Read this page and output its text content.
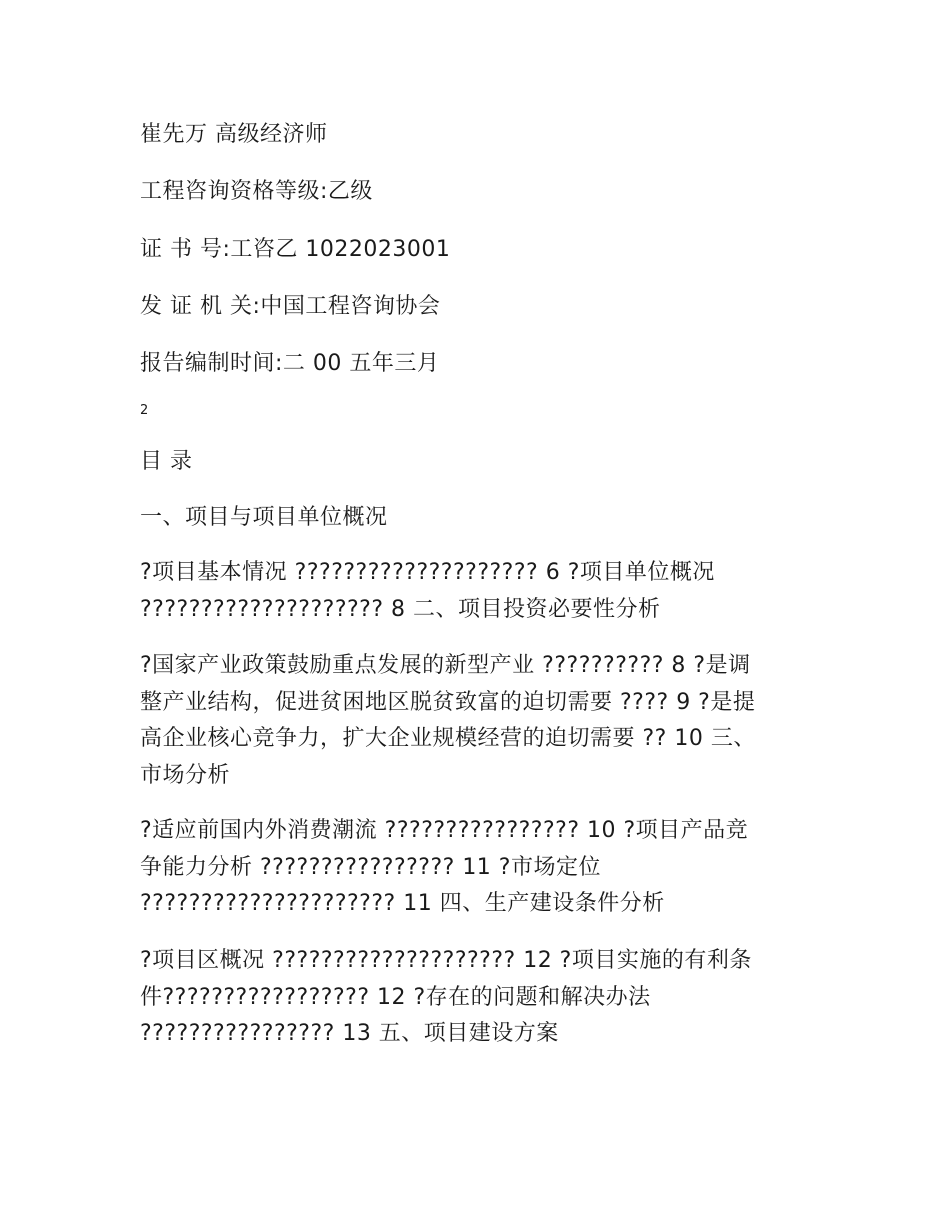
崔先万 高级经济师
工程咨询资格等级:乙级
证 书 号:工咨乙 1022023001
发 证 机 关:中国工程咨询协会
报告编制时间:二 00 五年三月
2
目 录
一、项目与项目单位概况
?项目基本情况 ???????????????????? 6 ?项目单位概况
???????????????????? 8 二、项目投资必要性分析
?国家产业政策鼓励重点发展的新型产业 ?????????? 8 ?是调
整产业结构，促进贫困地区脱贫致富的迫切需要 ???? 9 ?是提
高企业核心竞争力，扩大企业规模经营的迫切需要 ?? 10 三、
市场分析
?适应前国内外消费潮流 ???????????????? 10 ?项目产品竞
争能力分析 ???????????????? 11 ?市场定位
????????????????????? 11 四、生产建设条件分析
?项目区概况 ???????????????????? 12 ?项目实施的有利条
件????????????????? 12 ?存在的问题和解决办法
???????????????? 13 五、项目建设方案
